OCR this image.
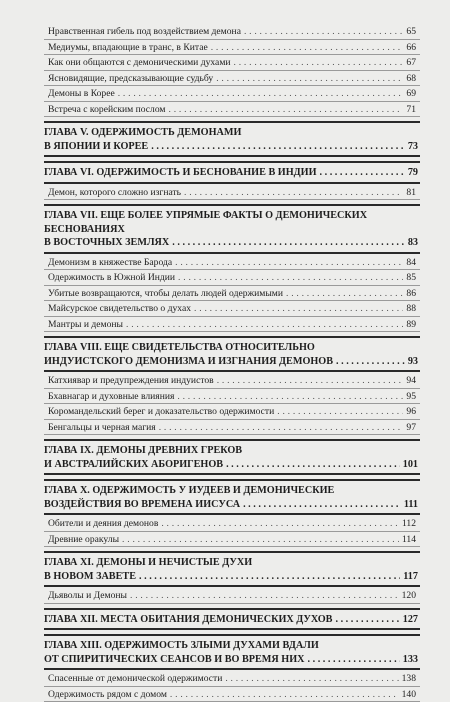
Нравственная гибель под воздействием демона . . .	65
Медиумы, впадающие в транс, в Китае . . .	66
Как они общаются с демоническими духами . . .	67
Ясновидящие, предсказывающие судьбу . . .	68
Демоны в Корее . . .	69
Встреча с корейским послом . . .	71
ГЛАВА V. ОДЕРЖИМОСТЬ ДЕМОНАМИ
В ЯПОНИИ И КОРЕЕ . . .	73
ГЛАВА VI. ОДЕРЖИМОСТЬ И БЕСНОВАНИЕ В ИНДИИ . . .	79
Демон, которого сложно изгнать . . .	81
ГЛАВА VII. ЕЩЕ БОЛЕЕ УПРЯМЫЕ ФАКТЫ О ДЕМОНИЧЕСКИХ
БЕСНОВАНИЯХ
В ВОСТОЧНЫХ ЗЕМЛЯХ . . .	83
Демонизм в княжестве Барода . . .	84
Одержимость в Южной Индии . . .	85
Убитые возвращаются, чтобы делать людей одержимыми . . .	86
Майсурское свидетельство о духах . . .	88
Мантры и демоны . . .	89
ГЛАВА VIII. ЕЩЕ СВИДЕТЕЛЬСТВА ОТНОСИТЕЛЬНО
ИНДУИСТСКОГО ДЕМОНИЗМА И ИЗГНАНИЯ ДЕМОНОВ . . .	93
Катхиявар и предупреждения индуистов . . .	94
Бхавнагар и духовные влияния . . .	95
Коромандельский берег и доказательство одержимости . . .	96
Бенгальцы и черная магия . . .	97
ГЛАВА IX. ДЕМОНЫ ДРЕВНИХ ГРЕКОВ
И АВСТРАЛИЙСКИХ АБОРИГЕНОВ . . .	101
ГЛАВА X. ОДЕРЖИМОСТЬ У ИУДЕЕВ И ДЕМОНИЧЕСКИЕ
ВОЗДЕЙСТВИЯ ВО ВРЕМЕНА ИИСУСА . . .	111
Обители и деяния демонов . . .	112
Древние оракулы . . .	114
ГЛАВА XI. ДЕМОНЫ И НЕЧИСТЫЕ ДУХИ
В НОВОМ ЗАВЕТЕ . . .	117
Дьяволы и Демоны . . .	120
ГЛАВА XII. МЕСТА ОБИТАНИЯ ДЕМОНИЧЕСКИХ ДУХОВ . . .	127
ГЛАВА XIII. ОДЕРЖИМОСТЬ ЗЛЫМИ ДУХАМИ ВДАЛИ
ОТ СПИРИТИЧЕСКИХ СЕАНСОВ И ВО ВРЕМЯ НИХ . . .	133
Спасенные от демонической одержимости . . .	138
Одержимость рядом с домом . . .	140
